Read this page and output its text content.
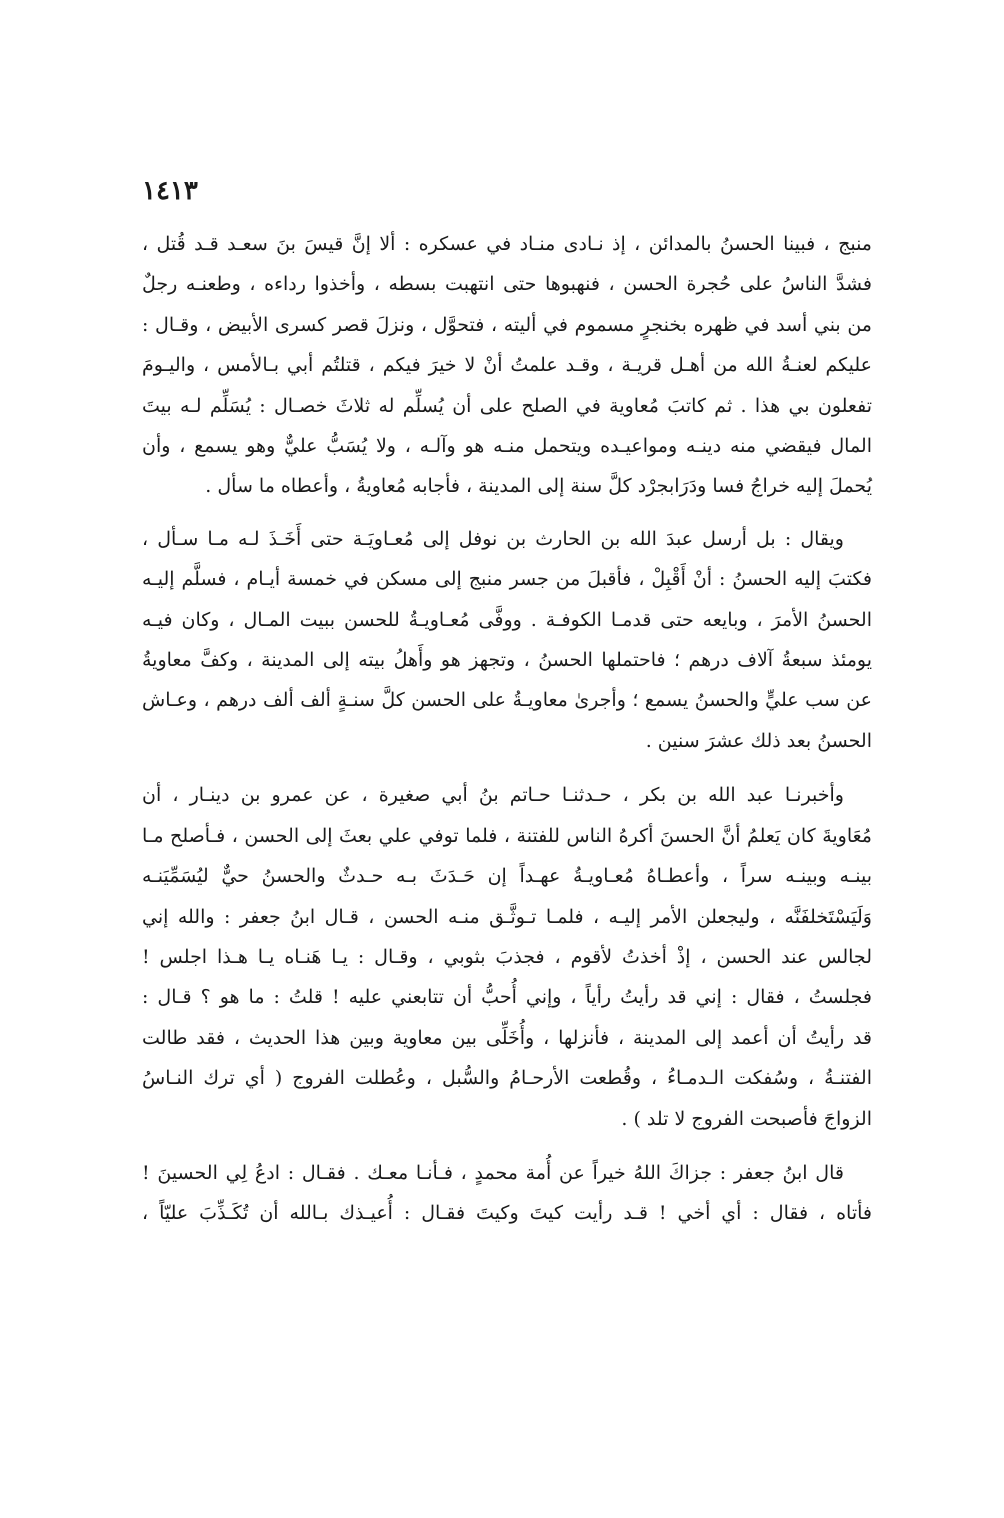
١٤١٣

منبج ، فبينا الحسنُ بالمدائن ، إذ نـادى منـاد في عسكره : ألا إنَّ قيسَ بنَ سعـد قـد قُتل ،
فشدَّ الناسُ على حُجرة الحسن ، فنهبوها حتى انتهبت بسطه ، وأخذوا رداءه ، وطعنـه رجلٌ
من بني أسد في ظهره بخنجرٍ مسموم في أليته ، فتحوَّل ، ونزلَ قصر كسرى الأبيض ، وقـال :
عليكم لعنـةُ الله من أهـل قريـة ، وقـد علمتُ أنْ لا خيرَ فيكم ، قتلتُم أبي بـالأمس ، واليـومَ
تفعلون بي هذا . ثم كاتبَ مُعاوية في الصلح على أن يُسلِّم له ثلاثَ خصـال : يُسَلِّم لـه بيتَ
المال فيقضي منه دينـه ومواعيـده ويتحمل منـه هو وآلـه ، ولا يُسَبُّ عليٌّ وهو يسمع ، وأن
يُحملَ إليه خراجُ فسا ودَرَابجرْد كلَّ سنة إلى المدينة ، فأجابه مُعاويةُ ، وأعطاه ما سأل .

ويقال : بل أرسل عبدَ الله بن الحارث بن نوفل إلى مُعـاويَـة حتى أَخَـذَ لـه مـا سـأل ،
فكتبَ إليه الحسنُ : أنْ أَقْبِلْ ، فأقبلَ من جسر منبج إلى مسكن في خمسة أيـام ، فسلَّم إليـه
الحسنُ الأمرَ ، وبايعه حتى قدمـا الكوفـة . ووفَّى مُعـاويـةُ للحسن ببيت المـال ، وكان فيـه
يومئذ سبعةُ آلاف درهم ؛ فاحتملها الحسنُ ، وتجهز هو وأَهلُ بيته إلى المدينة ، وكفَّ معاويةُ
عن سب عليٍّ والحسنُ يسمع ؛ وأجرىٰ معاويـةُ على الحسن كلَّ سنـةٍ ألف ألف درهم ، وعـاش
الحسنُ بعد ذلك عشرَ سنين .

وأخبرنـا عبد الله بن بكر ، حـدثنـا حـاتم بنُ أبي صغيرة ، عن عمرو بن دينـار ، أن
مُعَاويةَ كان يَعلمُ أنَّ الحسنَ أكرهُ الناس للفتنة ، فلما توفي علي بعثَ إلى الحسن ، فـأصلح مـا
بينـه وبينـه سراً ، وأعطـاهُ مُعـاويـةُ عهـداً إن حَـدَثَ بـه حـدثٌ والحسنُ حيٌّ ليُسَمِّيَنـه
وَلَيَسْتَخلفَنَّه ، وليجعلن الأمر إليـه ، فلمـا تـوثَّـق منـه الحسن ، قـال ابنُ جعفر : والله إني
لجالس عند الحسن ، إذْ أخذتُ لأقوم ، فجذبَ بثوبي ، وقـال : يـا هَنـاه يـا هـذا اجلس !
فجلستُ ، فقال : إني قد رأيتُ رأياً ، وإني أُحبُّ أن تتابعني عليه ! قلتُ : ما هو ؟ قـال :
قد رأيتُ أن أعمد إلى المدينة ، فأنزلها ، وأُخَلِّى بين معاوية وبين هذا الحديث ، فقد طالت
الفتنـةُ ، وسُفكت الـدمـاءُ ، وقُطعت الأرحـامُ والسُّبل ، وعُطلت الفروج ( أي ترك النـاسُ
الزواجَ فأصبحت الفروج لا تلد ) .

قال ابنُ جعفر : جزاكَ اللهُ خيراً عن أُمة محمدٍ ، فـأنـا معـك . فقـال : ادعُ لِي الحسينَ !
فأتاه ، فقال : أي أخي ! قـد رأيت كيتَ وكيتَ فقـال : أُعيـذك بـالله أن تُكَـذِّبَ عليّاً ،
